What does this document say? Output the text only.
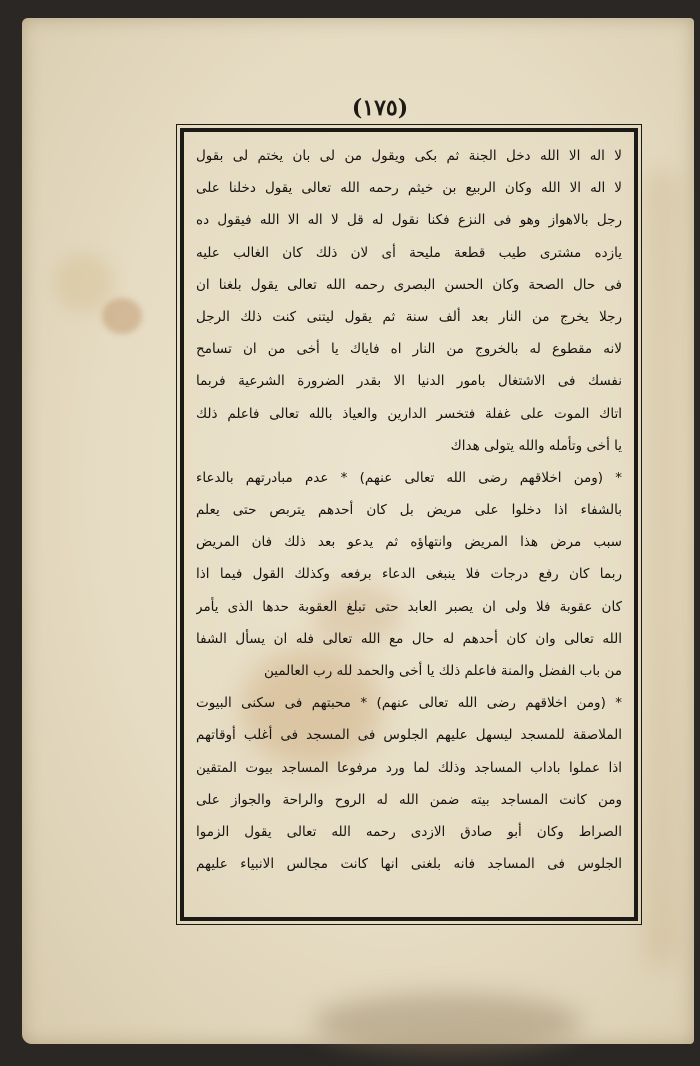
(١٧٥)
لا اله الا الله دخل الجنة ثم بكى ويقول من لى بان يختم لى بقول
لا اله الا الله وكان الربيع بن خيثم رحمه الله تعالى يقول دخلنا على
رجل بالاهواز وهو فى النزع فكنا نقول له قل لا اله الا الله فيقول ده
يازده مشترى طيب قطعة مليحة أى لان ذلك كان الغالب عليه
فى حال الصحة وكان الحسن البصرى رحمه الله تعالى يقول بلغنا ان
رجلا يخرج من النار بعد ألف سنة ثم يقول ليتنى كنت ذلك الرجل
لانه مقطوع له بالخروج من النار اه فاياك يا أخى من ان تسامح
نفسك فى الاشتغال بامور الدنيا الا بقدر الضرورة الشرعية فربما
اتاك الموت على غفلة فتخسر الدارين والعياذ بالله تعالى فاعلم ذلك
يا أخى وتأمله والله يتولى هداك
* (ومن اخلاقهم رضى الله تعالى عنهم) * عدم مبادرتهم بالدعاء
بالشفاء اذا دخلوا على مريض بل كان أحدهم يتربص حتى يعلم
سبب مرض هذا المريض وانتهاؤه ثم يدعو بعد ذلك فان المريض
ربما كان رفع درجات فلا ينبغى الدعاء برفعه وكذلك القول فيما اذا
كان عقوبة فلا ولى ان يصبر العابد حتى تبلغ العقوبة حدها الذى يأمر
الله تعالى وان كان أحدهم له حال مع الله تعالى فله ان يسأل الشفا
من باب الفضل والمنة فاعلم ذلك يا أخى والحمد لله رب العالمين
* (ومن اخلاقهم رضى الله تعالى عنهم) * محبتهم فى سكنى البيوت
الملاصقة للمسجد ليسهل عليهم الجلوس فى المسجد فى أغلب أوقاتهم
اذا عملوا باداب المساجد وذلك لما ورد مرفوعا المساجد بيوت المتقين
ومن كانت المساجد بيته ضمن الله له الروح والراحة والجواز على
الصراط وكان أبو صادق الازدى رحمه الله تعالى يقول الزموا
الجلوس فى المساجد فانه بلغنى انها كانت مجالس الانبياء عليهم
